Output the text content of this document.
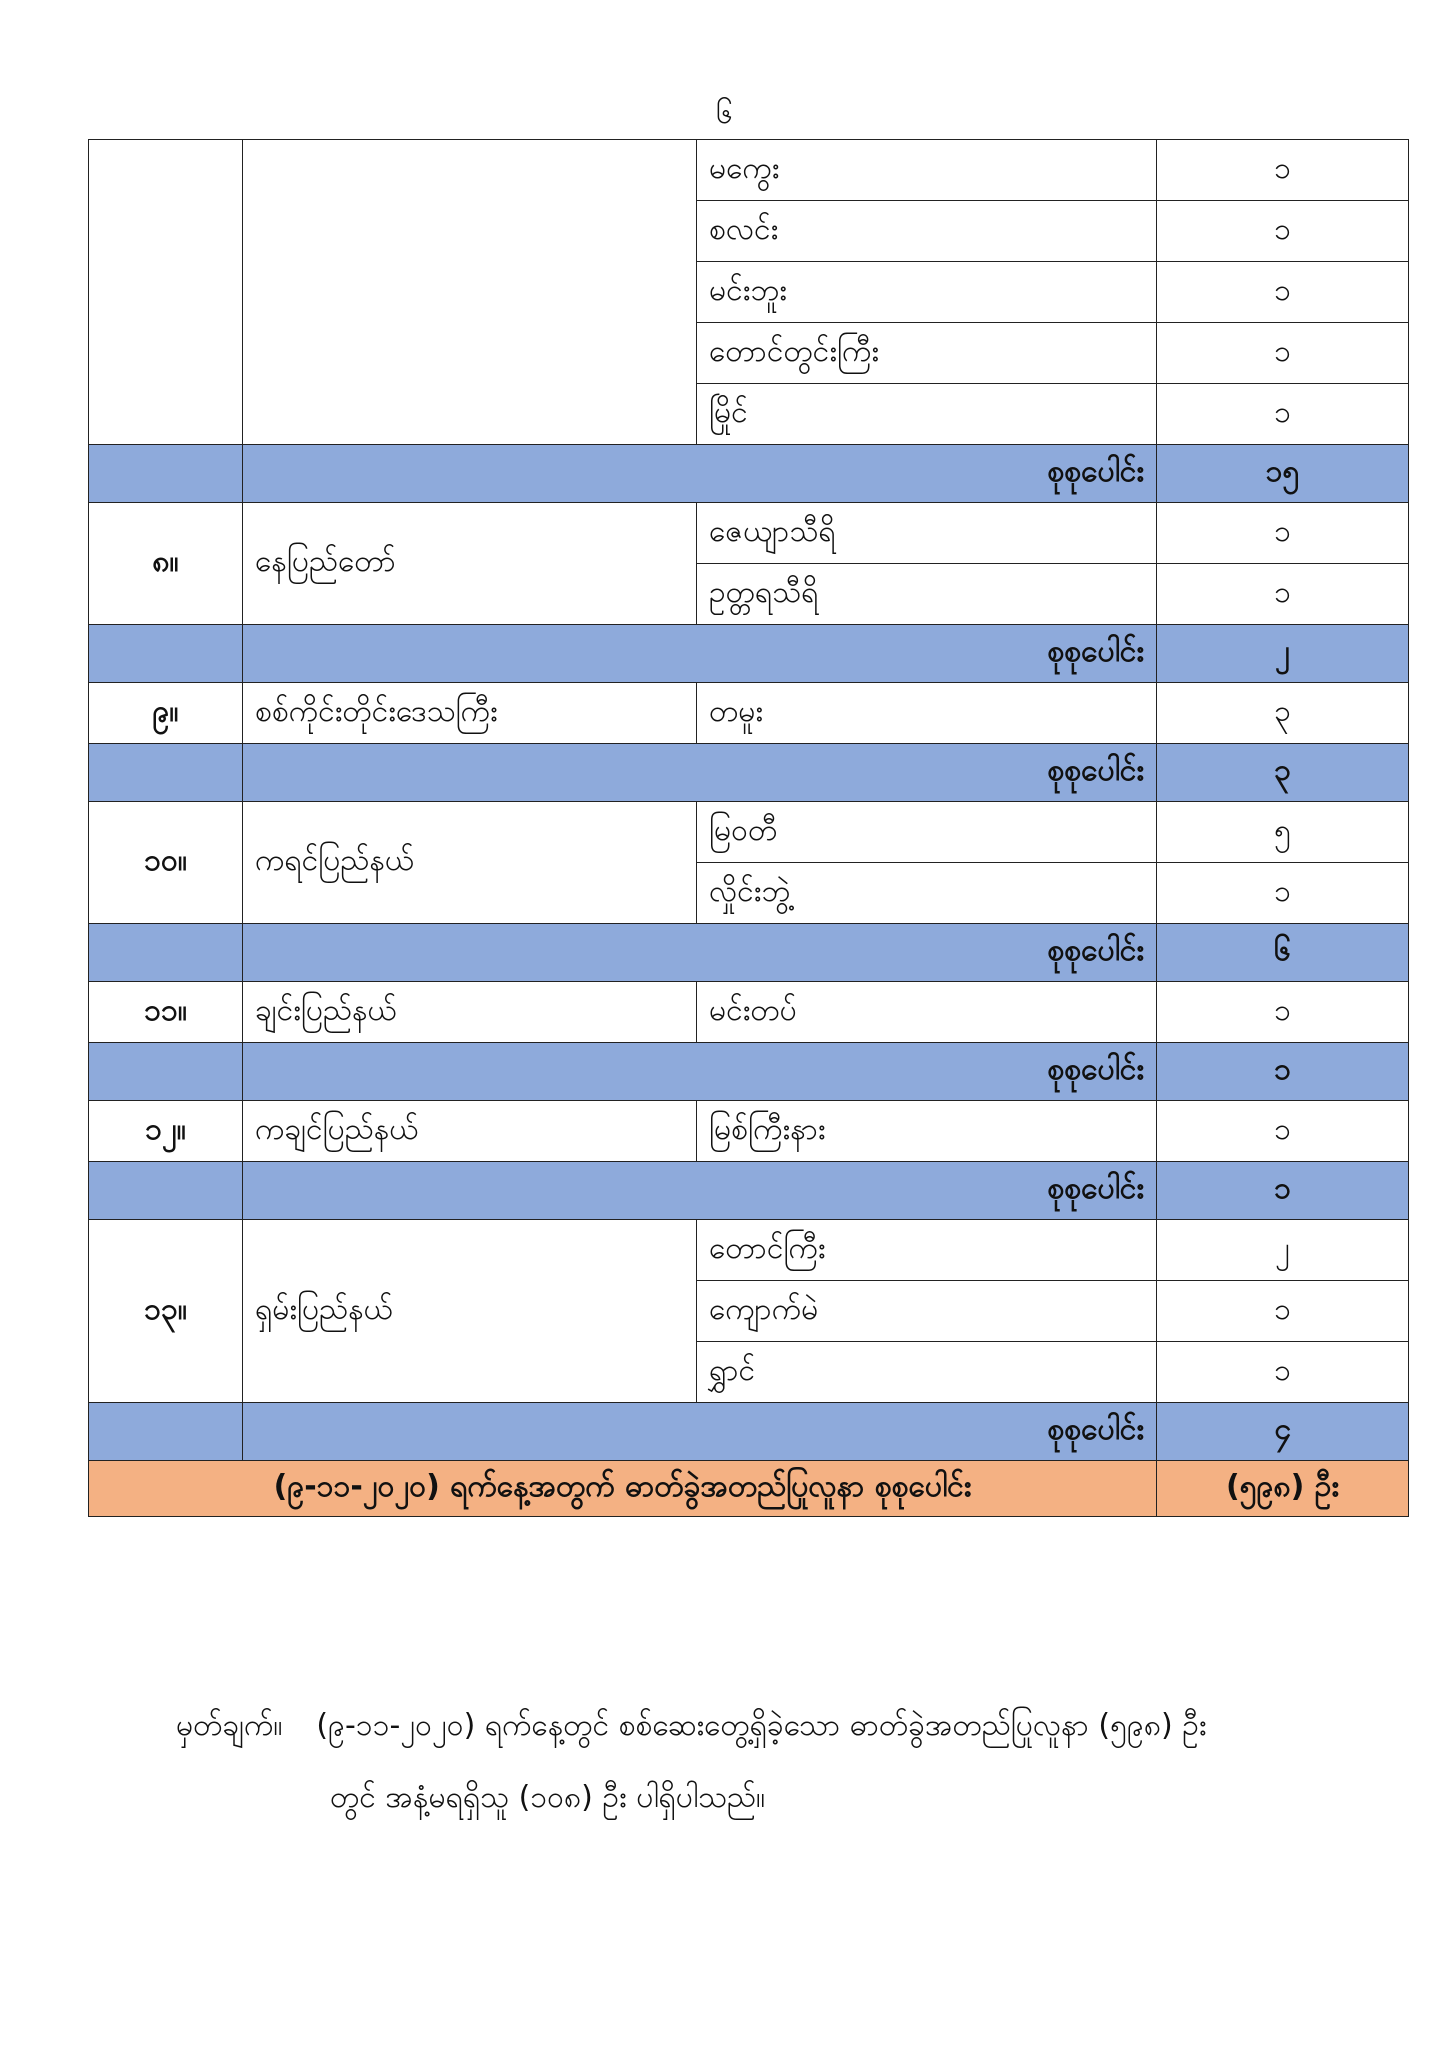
၆
		မကွေး	၁
		စလင်း	၁
		မင်းဘူး	၁
		တောင်တွင်းကြီး	၁
		မြိုင်	၁
	စုစုပေါင်း		၁၅
၈။	နေပြည်တော်	ဇေယျာသီရိ	၁
		ဥတ္တရသီရိ	၁
	စုစုပေါင်း		၂
၉။	စစ်ကိုင်းတိုင်းဒေသကြီး	တမူး	၃
	စုစုပေါင်း		၃
၁၀။	ကရင်ပြည်နယ်	မြဝတီ	၅
		လှိုင်းဘွဲ့	၁
	စုစုပေါင်း		၆
၁၁။	ချင်းပြည်နယ်	မင်းတပ်	၁
	စုစုပေါင်း		၁
၁၂။	ကချင်ပြည်နယ်	မြစ်ကြီးနား	၁
	စုစုပေါင်း		၁
၁၃။	ရှမ်းပြည်နယ်	တောင်ကြီး	၂
		ကျောက်မဲ	၁
		ရွှာင်	၁
	စုစုပေါင်း		၄
(၉-၁၁-၂၀၂၀) ရက်နေ့အတွက် ဓာတ်ခွဲအတည်ပြုလူနာ စုစုပေါင်း			(၅၉၈) ဦး
မှတ်ချက်။ (၉-၁၁-၂၀၂၀) ရက်နေ့တွင် စစ်ဆေးတွေ့ရှိခဲ့သော ဓာတ်ခွဲအတည်ပြုလူနာ (၅၉၈) ဦး
တွင် အနံ့မရရှိသူ (၁၀၈) ဦး ပါရှိပါသည်။
